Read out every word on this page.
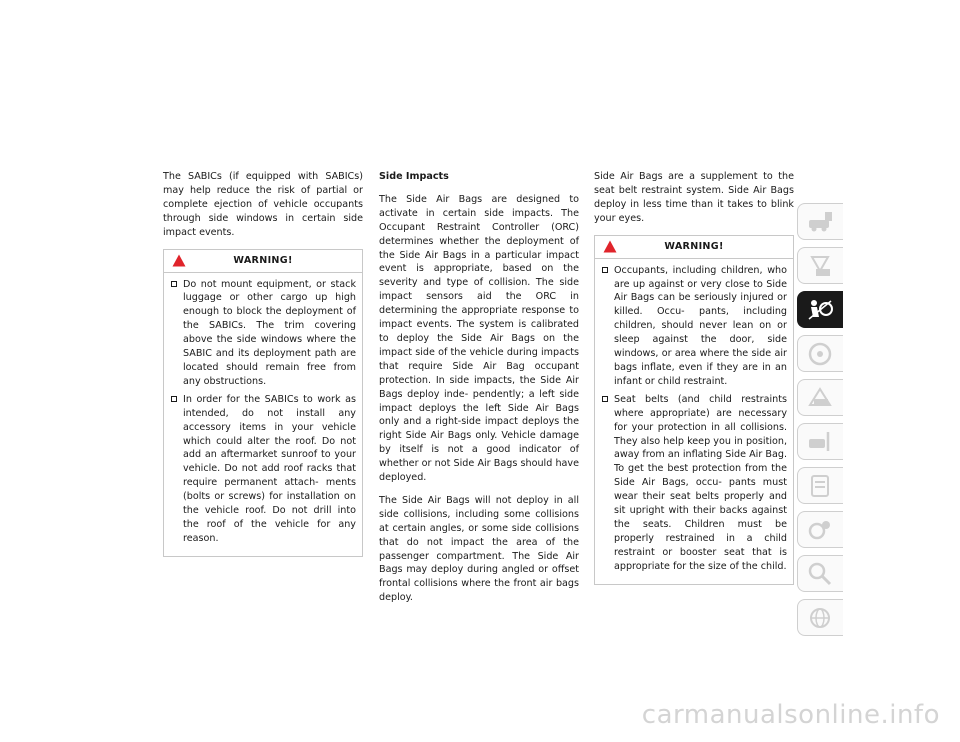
The SABICs (if equipped with SABICs) may help reduce the risk of partial or complete ejection of vehicle occupants through side windows in certain side impact events.

WARNING!
Do not mount equipment, or stack luggage or other cargo up high enough to block the deployment of the SABICs. The trim covering above the side windows where the SABIC and its deployment path are located should remain free from any obstructions.
In order for the SABICs to work as intended, do not install any accessory items in your vehicle which could alter the roof. Do not add an aftermarket sunroof to your vehicle. Do not add roof racks that require permanent attach- ments (bolts or screws) for installation on the vehicle roof. Do not drill into the roof of the vehicle for any reason.
Side Impacts

The Side Air Bags are designed to activate in certain side impacts. The Occupant Restraint Controller (ORC) determines whether the deployment of the Side Air Bags in a particular impact event is appropriate, based on the severity and type of collision. The side impact sensors aid the ORC in determining the appropriate response to impact events. The system is calibrated to deploy the Side Air Bags on the impact side of the vehicle during impacts that require Side Air Bag occupant protection. In side impacts, the Side Air Bags deploy inde- pendently; a left side impact deploys the left Side Air Bags only and a right-side impact deploys the right Side Air Bags only. Vehicle damage by itself is not a good indicator of whether or not Side Air Bags should have deployed.

The Side Air Bags will not deploy in all side collisions, including some collisions at certain angles, or some side collisions that do not impact the area of the passenger compartment. The Side Air Bags may deploy during angled or offset frontal collisions where the front air bags deploy.

Side Air Bags are a supplement to the seat belt restraint system. Side Air Bags deploy in less time than it takes to blink your eyes.

WARNING!
Occupants, including children, who are up against or very close to Side Air Bags can be seriously injured or killed. Occu- pants, including children, should never lean on or sleep against the door, side windows, or area where the side air bags inflate, even if they are in an infant or child restraint.
Seat belts (and child restraints where appropriate) are necessary for your protection in all collisions. They also help keep you in position, away from an inflating Side Air Bag. To get the best protection from the Side Air Bags, occu- pants must wear their seat belts properly and sit upright with their backs against the seats. Children must be properly restrained in a child restraint or booster seat that is appropriate for the size of the child.
carmanualsonline.info
